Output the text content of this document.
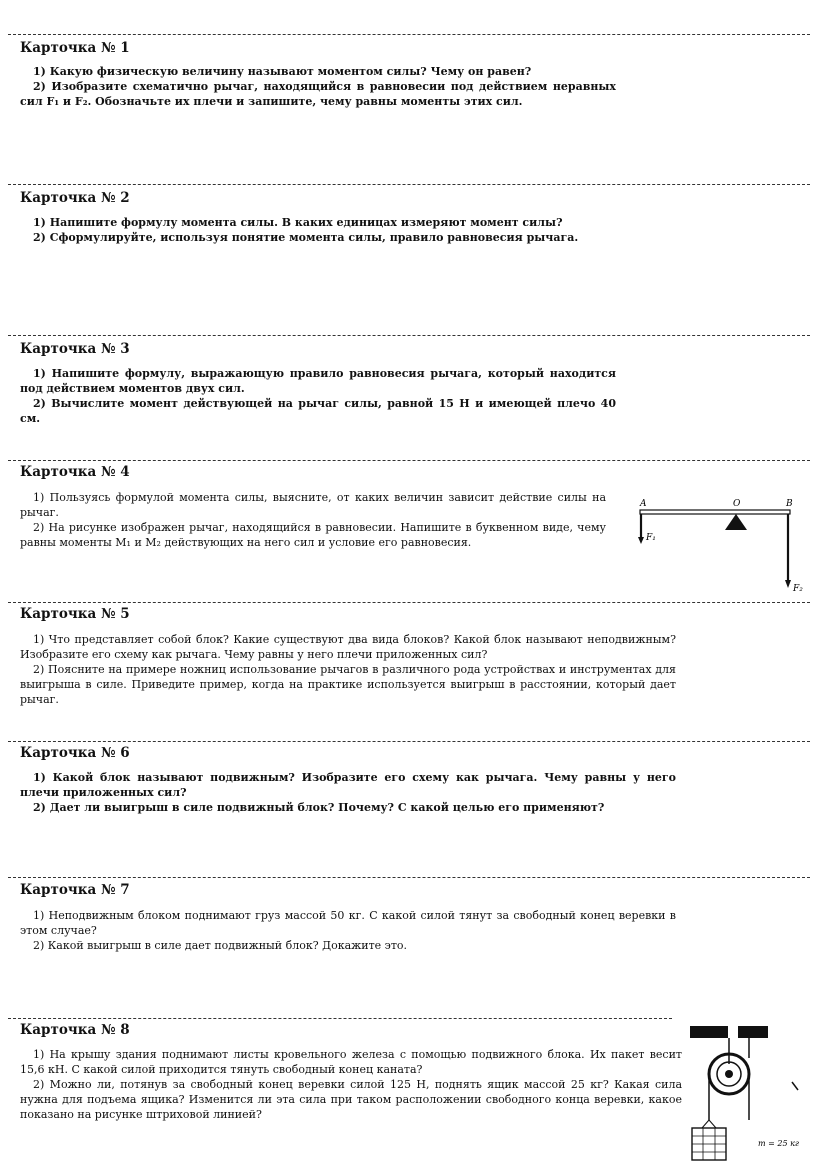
Карточка № 1

1) Какую физическую величину называют моментом силы? Чему он равен?

2) Изобразите схематично рычаг, находящийся в равновесии под действием неравных сил F₁ и F₂. Обозначьте их плечи и запишите, чему равны моменты этих сил.

Карточка № 2

1) Напишите формулу момента силы. В каких единицах измеряют момент силы?

2) Сформулируйте, используя понятие момента силы, правило равновесия рычага.

Карточка № 3

1) Напишите формулу, выражающую правило равновесия рычага, который находится под действием моментов двух сил.

2) Вычислите момент действующей на рычаг силы, равной 15 Н и имеющей плечо 40 см.

Карточка № 4

1) Пользуясь формулой момента силы, выясните, от каких величин зависит действие силы на рычаг.

2) На рисунке изображен рычаг, находящийся в равновесии. Напишите в буквенном виде, чему равны моменты M₁ и M₂ действующих на него сил и условие его равновесия.

A	O	B
F₁
F₂
Карточка № 5

1) Что представляет собой блок? Какие существуют два вида блоков? Какой блок называют неподвижным? Изобразите его схему как рычага. Чему равны у него плечи приложенных сил?

2) Поясните на примере ножниц использование рычагов в различного рода устройствах и инструментах для выигрыша в силе. Приведите пример, когда на практике используется выигрыш в расстоянии, который дает рычаг.

Карточка № 6

1) Какой блок называют подвижным? Изобразите его схему как рычага. Чему равны у него плечи приложенных сил?

2) Дает ли выигрыш в силе подвижный блок? Почему? С какой целью его применяют?

Карточка № 7

1) Неподвижным блоком поднимают груз массой 50 кг. С какой силой тянут за свободный конец веревки в этом случае?

2) Какой выигрыш в силе дает подвижный блок? Докажите это.

Карточка № 8

1) На крышу здания поднимают листы кровельного железа с помощью подвижного блока. Их пакет весит 15,6 кН. С какой силой приходится тянуть свободный конец каната?

2) Можно ли, потянув за свободный конец веревки силой 125 Н, поднять ящик массой 25 кг? Какая сила нужна для подъема ящика? Изменится ли эта сила при таком расположении свободного конца веревки, какое показано на рисунке штриховой линией?

m = 25 кг
